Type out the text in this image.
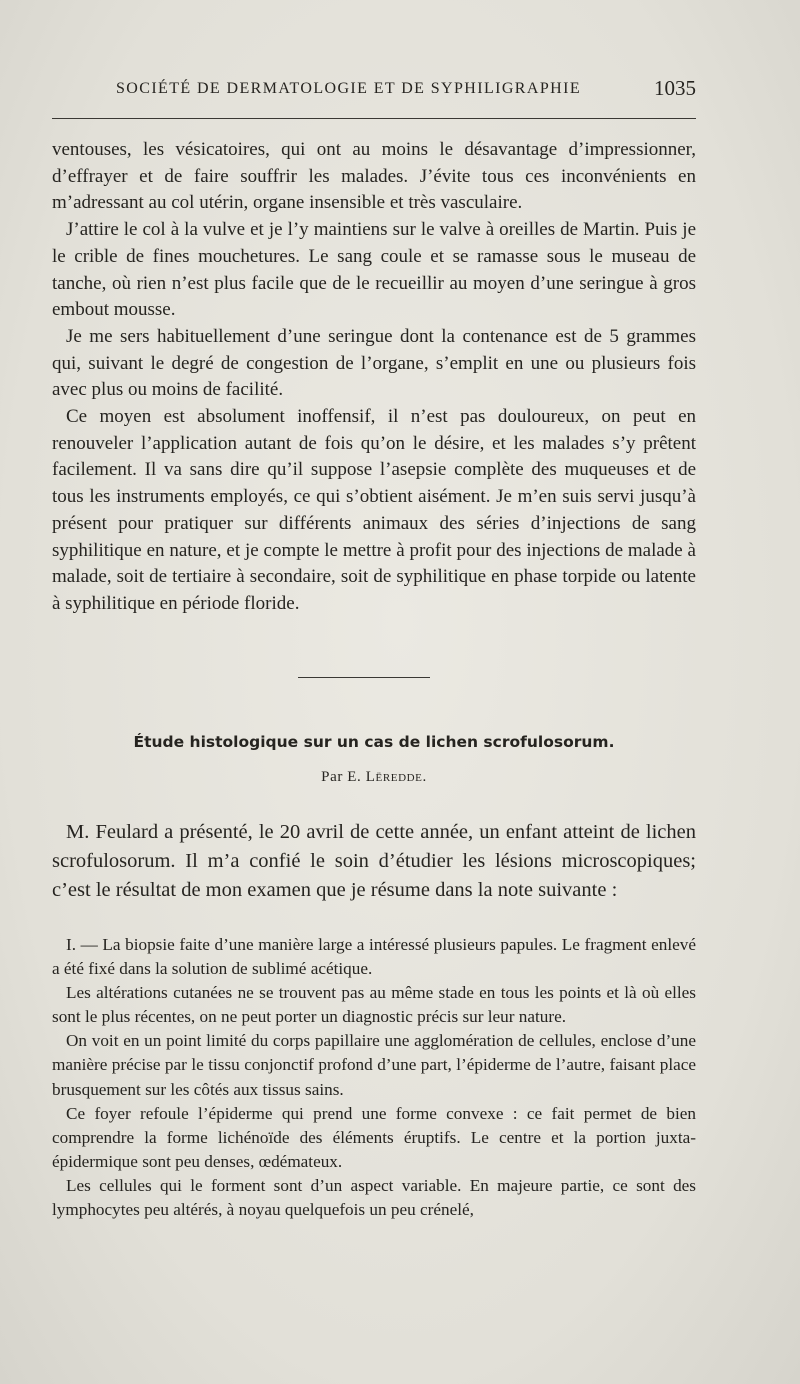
SOCIÉTÉ DE DERMATOLOGIE ET DE SYPHILIGRAPHIE	1035

ventouses, les vésicatoires, qui ont au moins le désavantage d’impressionner, d’effrayer et de faire souffrir les malades. J’évite tous ces inconvénients en m’adressant au col utérin, organe insensible et très vasculaire.

J’attire le col à la vulve et je l’y maintiens sur le valve à oreilles de Martin. Puis je le crible de fines mouchetures. Le sang coule et se ramasse sous le museau de tanche, où rien n’est plus facile que de le recueillir au moyen d’une seringue à gros embout mousse.

Je me sers habituellement d’une seringue dont la contenance est de 5 grammes qui, suivant le degré de congestion de l’organe, s’emplit en une ou plusieurs fois avec plus ou moins de facilité.

Ce moyen est absolument inoffensif, il n’est pas douloureux, on peut en renouveler l’application autant de fois qu’on le désire, et les malades s’y prêtent facilement. Il va sans dire qu’il suppose l’asepsie complète des muqueuses et de tous les instruments employés, ce qui s’obtient aisément. Je m’en suis servi jusqu’à présent pour pratiquer sur différents animaux des séries d’injections de sang syphilitique en nature, et je compte le mettre à profit pour des injections de malade à malade, soit de tertiaire à secondaire, soit de syphilitique en phase torpide ou latente à syphilitique en période floride.

Étude histologique sur un cas de lichen scrofulosorum.
Par E. Lëredde.

M. Feulard a présenté, le 20 avril de cette année, un enfant atteint de lichen scrofulosorum. Il m’a confié le soin d’étudier les lésions microscopiques; c’est le résultat de mon examen que je résume dans la note suivante :

I. — La biopsie faite d’une manière large a intéressé plusieurs papules. Le fragment enlevé a été fixé dans la solution de sublimé acétique.

Les altérations cutanées ne se trouvent pas au même stade en tous les points et là où elles sont le plus récentes, on ne peut porter un diagnostic précis sur leur nature.

On voit en un point limité du corps papillaire une agglomération de cellules, enclose d’une manière précise par le tissu conjonctif profond d’une part, l’épiderme de l’autre, faisant place brusquement sur les côtés aux tissus sains.

Ce foyer refoule l’épiderme qui prend une forme convexe : ce fait permet de bien comprendre la forme lichénoïde des éléments éruptifs. Le centre et la portion juxta-épidermique sont peu denses, œdémateux.

Les cellules qui le forment sont d’un aspect variable. En majeure partie, ce sont des lymphocytes peu altérés, à noyau quelquefois un peu crénelé,
